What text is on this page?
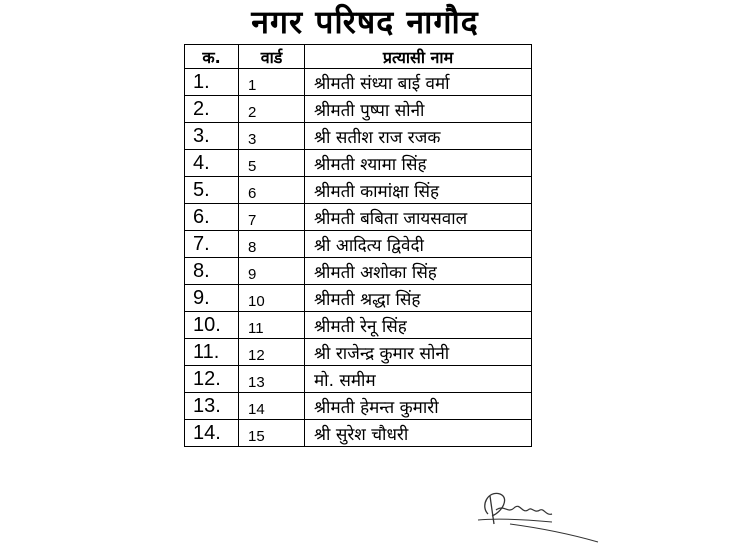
नगर परिषद नागौद
क.	वार्ड	प्रत्यासी नाम
1.	1	श्रीमती संध्या बाई वर्मा
2.	2	श्रीमती पुष्पा सोनी
3.	3	श्री सतीश राज रजक
4.	5	श्रीमती श्यामा सिंह
5.	6	श्रीमती कामांक्षा सिंह
6.	7	श्रीमती बबिता जायसवाल
7.	8	श्री आदित्य द्विवेदी
8.	9	श्रीमती अशोका सिंह
9.	10	श्रीमती श्रद्धा सिंह
10.	11	श्रीमती रेनू सिंह
11.	12	श्री राजेन्द्र कुमार सोनी
12.	13	मो. समीम
13.	14	श्रीमती हेमन्त कुमारी
14.	15	श्री सुरेश चौधरी
